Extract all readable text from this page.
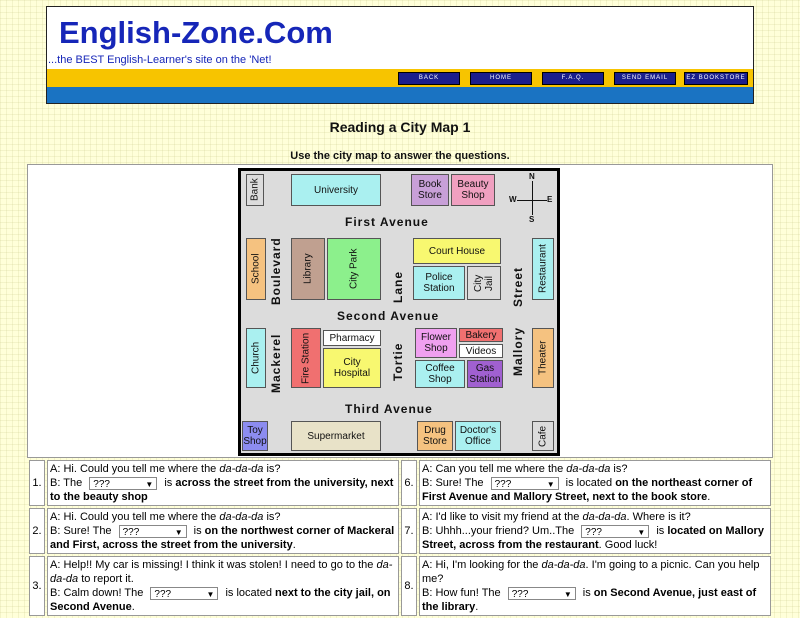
English-Zone.Com
...the BEST English-Learner's site on the 'Net!
BACK	HOME	F.A.Q.	SEND EMAIL	EZ BOOKSTORE
Reading a City Map 1
Use the city map to answer the questions.
Bank	University	Book Store
Beauty Shop
N
S
W	E
First Avenue
School Boulevard	Library	City Park	Lane
Court House
Police Station	City Jail	Street	Restaurant
Second Avenue
Church Mackerel	Fire Station	Pharmacy
City Hospital	Tortie
Flower Shop
Bakery
Videos
Coffee Shop
Gas Station
Mallory	Theater
Third Avenue
Toy Shop	Supermarket	Drug Store
Doctor's Office	Cafe
1.	A: Hi. Could you tell me where the da-da-da is?
B: The ??? ▼ is across the street from the university, next to the beauty shop	6.	A: Can you tell me where the da-da-da is?
B: Sure! The ??? ▼ is located on the northeast corner of First Avenue and Mallory Street, next to the book store.
2.	A: Hi. Could you tell me where the da-da-da is?
B: Sure! The ??? ▼ is on the northwest corner of Mackeral and First, across the street from the university.	7.	A: I'd like to visit my friend at the da-da-da. Where is it?
B: Uhhh...your friend? Um..The ??? ▼ is located on Mallory Street, across from the restaurant. Good luck!
3.	A: Help!! My car is missing! I think it was stolen! I need to go to the da-da-da to report it.
B: Calm down! The ??? ▼ is located next to the city jail, on Second Avenue.	8.	A: Hi, I'm looking for the da-da-da. I'm going to a picnic. Can you help me?
B: How fun! The ??? ▼ is on Second Avenue, just east of the library.
